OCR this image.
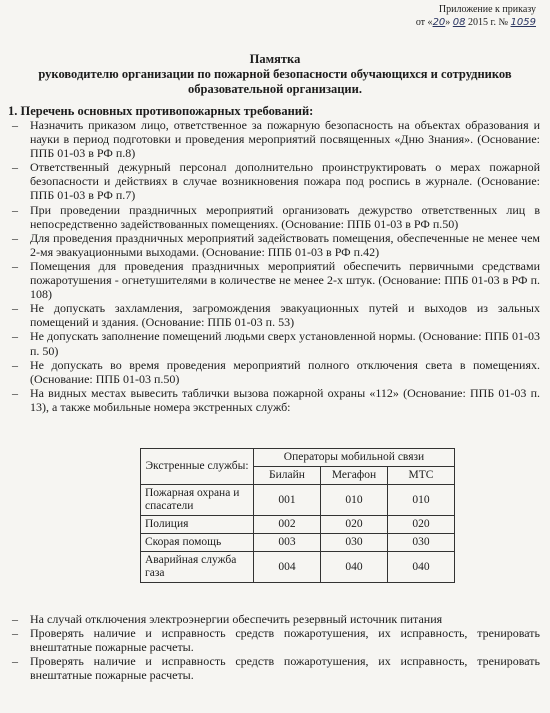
Приложение к приказу
от «20» 08 2015 г. № 1059
Памятка
руководителю организации по пожарной безопасности обучающихся и сотрудников
образовательной организации.
1. Перечень основных противопожарных требований:
– Назначить приказом лицо, ответственное за пожарную безопасность на объектах образования и науки в период подготовки и проведения мероприятий посвященных «Дню Знания». (Основание: ППБ 01-03 в РФ п.8)
– Ответственный дежурный персонал дополнительно проинструктировать о мерах пожарной безопасности и действиях в случае возникновения пожара под роспись в журнале. (Основание: ППБ 01-03 в РФ п.7)
– При проведении праздничных мероприятий организовать дежурство ответственных лиц в непосредственно задействованных помещениях. (Основание: ППБ 01-03 в РФ п.50)
– Для проведения праздничных мероприятий задействовать помещения, обеспеченные не менее чем 2-мя эвакуационными выходами. (Основание: ППБ 01-03 в РФ п.42)
– Помещения для проведения праздничных мероприятий обеспечить первичными средствами пожаротушения - огнетушителями в количестве не менее 2-х штук. (Основание: ППБ 01-03 в РФ п. 108)
– Не допускать захламления, загромождения эвакуационных путей и выходов из зальных помещений и здания. (Основание: ППБ 01-03 п. 53)
– Не допускать заполнение помещений людьми сверх установленной нормы. (Основание: ППБ 01-03 п. 50)
– Не допускать во время проведения мероприятий полного отключения света в помещениях. (Основание: ППБ 01-03 п.50)
– На видных местах вывесить таблички вызова пожарной охраны «112» (Основание: ППБ 01-03 п. 13), а также мобильные номера экстренных служб:
Экстренные службы:	Операторы мобильной связи		
	Билайн	Мегафон	МТС
Пожарная охрана и спасатели	001	010	010
Полиция	002	020	020
Скорая помощь	003	030	030
Аварийная служба газа	004	040	040
– На случай отключения электроэнергии обеспечить резервный источник питания
– Проверять наличие и исправность средств пожаротушения, их исправность, тренировать внештатные пожарные расчеты.
– Проверять наличие и исправность средств пожаротушения, их исправность, тренировать внештатные пожарные расчеты.
